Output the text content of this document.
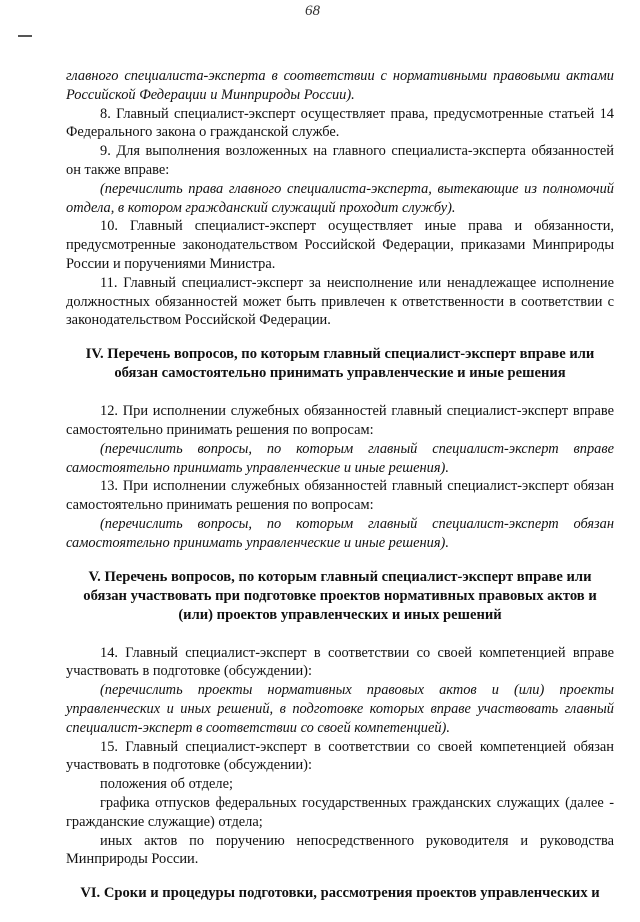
68

главного специалиста-эксперта в соответствии с нормативными правовыми актами Российской Федерации и Минприроды России).

8. Главный специалист-эксперт осуществляет права, предусмотренные статьей 14 Федерального закона о гражданской службе.

9. Для выполнения возложенных на главного специалиста-эксперта обязанностей он также вправе:

(перечислить права главного специалиста-эксперта, вытекающие из полномочий отдела, в котором гражданский служащий проходит службу).

10. Главный специалист-эксперт осуществляет иные права и обязанности, предусмотренные законодательством Российской Федерации, приказами Минприроды России и поручениями Министра.

11. Главный специалист-эксперт за неисполнение или ненадлежащее исполнение должностных обязанностей может быть привлечен к ответственности в соответствии с законодательством Российской Федерации.

IV. Перечень вопросов, по которым главный специалист-эксперт вправе или обязан самостоятельно принимать управленческие и иные решения

12. При исполнении служебных обязанностей главный специалист-эксперт вправе самостоятельно принимать решения по вопросам:

(перечислить вопросы, по которым главный специалист-эксперт вправе самостоятельно принимать управленческие и иные решения).

13. При исполнении служебных обязанностей главный специалист-эксперт обязан самостоятельно принимать решения по вопросам:

(перечислить вопросы, по которым главный специалист-эксперт обязан самостоятельно принимать управленческие и иные решения).

V. Перечень вопросов, по которым главный специалист-эксперт вправе или обязан участвовать при подготовке проектов нормативных правовых актов и (или) проектов управленческих и иных решений

14. Главный специалист-эксперт в соответствии со своей компетенцией вправе участвовать в подготовке (обсуждении):

(перечислить проекты нормативных правовых актов и (или) проекты управленческих и иных решений, в подготовке которых вправе участвовать главный специалист-эксперт в соответствии со своей компетенцией).

15. Главный специалист-эксперт в соответствии со своей компетенцией обязан участвовать в подготовке (обсуждении):

положения об отделе;

графика отпусков федеральных государственных гражданских служащих (далее - гражданские служащие) отдела;

иных актов по поручению непосредственного руководителя и руководства Минприроды России.

VI. Сроки и процедуры подготовки, рассмотрения проектов управленческих и
